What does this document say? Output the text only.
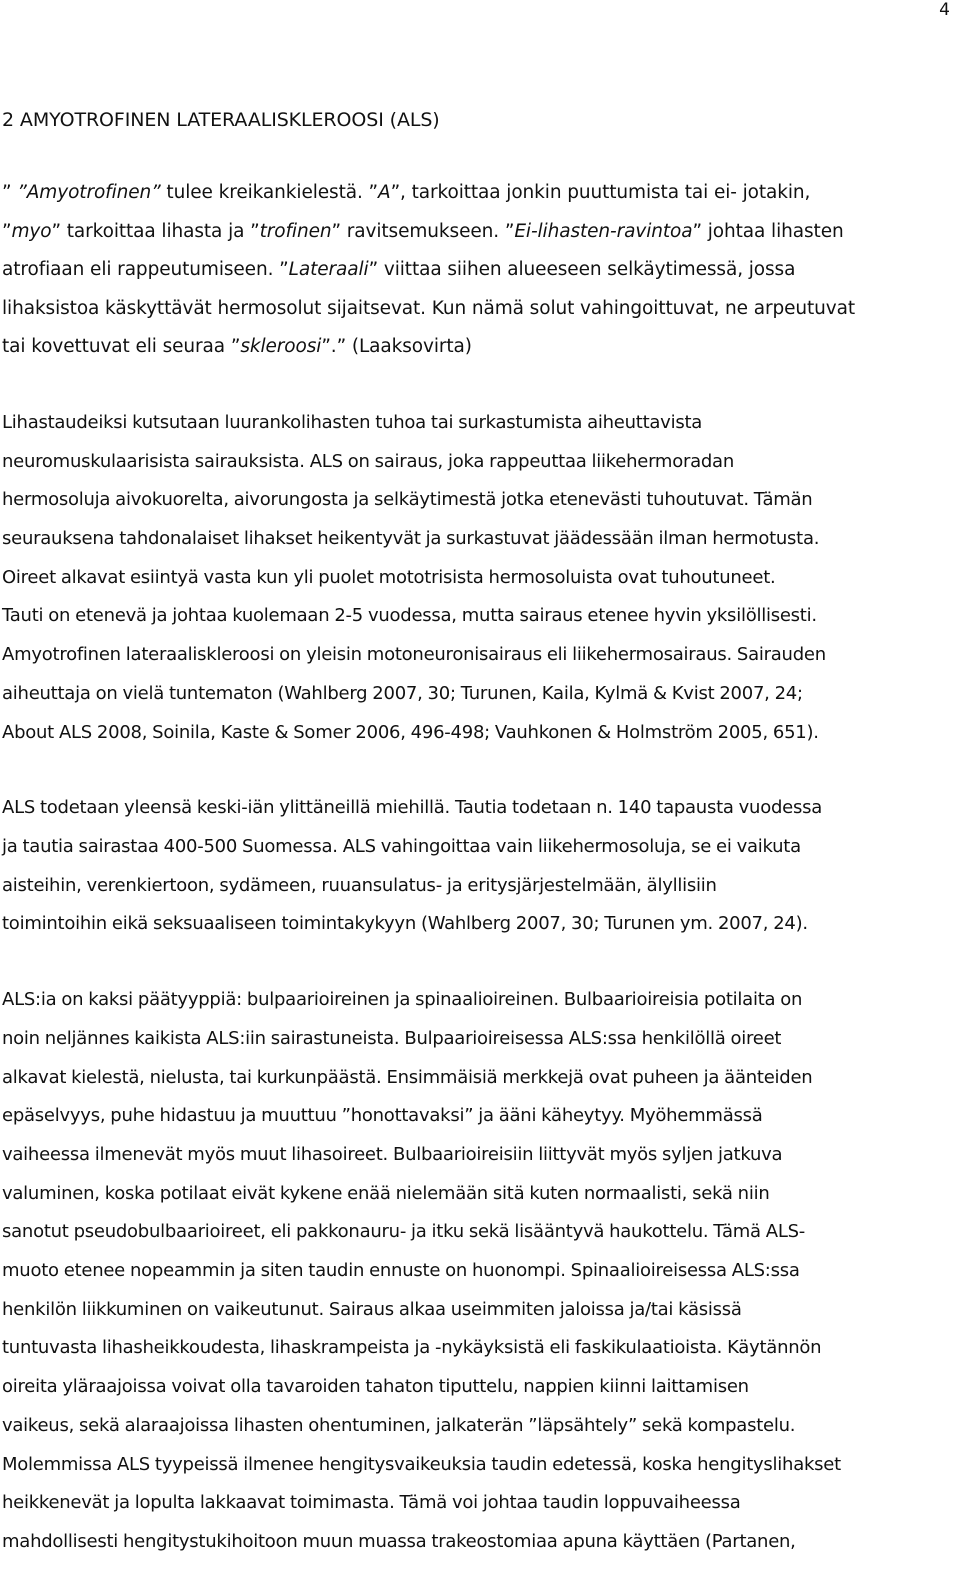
4
2 AMYOTROFINEN LATERAALISKLEROOSI (ALS)

” ”Amyotrofinen” tulee kreikankielestä. ”A”, tarkoittaa jonkin puuttumista tai ei- jotakin,
”myo” tarkoittaa lihasta ja ”trofinen” ravitsemukseen. ”Ei-lihasten-ravintoa” johtaa lihasten
atrofiaan eli rappeutumiseen. ”Lateraali” viittaa siihen alueeseen selkäytimessä, jossa
lihaksistoa käskyttävät hermosolut sijaitsevat. Kun nämä solut vahingoittuvat, ne arpeutuvat
tai kovettuvat eli seuraa ”skleroosi”.” (Laaksovirta)

Lihastaudeiksi kutsutaan luurankolihasten tuhoa tai surkastumista aiheuttavista
neuromuskulaarisista sairauksista. ALS on sairaus, joka rappeuttaa liikehermoradan
hermosoluja aivokuorelta, aivorungosta ja selkäytimestä jotka etenevästi tuhoutuvat. Tämän
seurauksena tahdonalaiset lihakset heikentyvät ja surkastuvat jäädessään ilman hermotusta.
Oireet alkavat esiintyä vasta kun yli puolet mototrisista hermosoluista ovat tuhoutuneet.
Tauti on etenevä ja johtaa kuolemaan 2-5 vuodessa, mutta sairaus etenee hyvin yksilöllisesti.
Amyotrofinen lateraaliskleroosi on yleisin motoneuronisairaus eli liikehermosairaus. Sairauden
aiheuttaja on vielä tuntematon (Wahlberg 2007, 30; Turunen, Kaila, Kylmä & Kvist 2007, 24;
About ALS 2008, Soinila, Kaste & Somer 2006, 496-498; Vauhkonen & Holmström 2005, 651).

ALS todetaan yleensä keski-iän ylittäneillä miehillä. Tautia todetaan n. 140 tapausta vuodessa
ja tautia sairastaa 400-500 Suomessa. ALS vahingoittaa vain liikehermosoluja, se ei vaikuta
aisteihin, verenkiertoon, sydämeen, ruuansulatus- ja eritysjärjestelmään, älyllisiin
toimintoihin eikä seksuaaliseen toimintakykyyn (Wahlberg 2007, 30; Turunen ym. 2007, 24).

ALS:ia on kaksi päätyyppiä: bulpaarioireinen ja spinaalioireinen. Bulbaarioireisia potilaita on
noin neljännes kaikista ALS:iin sairastuneista. Bulpaarioireisessa ALS:ssa henkilöllä oireet
alkavat kielestä, nielusta, tai kurkunpäästä. Ensimmäisiä merkkejä ovat puheen ja äänteiden
epäselvyys, puhe hidastuu ja muuttuu ”honottavaksi” ja ääni käheytyy. Myöhemmässä
vaiheessa ilmenevät myös muut lihasoireet. Bulbaarioireisiin liittyvät myös syljen jatkuva
valuminen, koska potilaat eivät kykene enää nielemään sitä kuten normaalisti, sekä niin
sanotut pseudobulbaarioireet, eli pakkonauru- ja itku sekä lisääntyvä haukottelu. Tämä ALS-
muoto etenee nopeammin ja siten taudin ennuste on huonompi. Spinaalioireisessa ALS:ssa
henkilön liikkuminen on vaikeutunut. Sairaus alkaa useimmiten jaloissa ja/tai käsissä
tuntuvasta lihasheikkoudesta, lihaskrampeista ja -nykäyksistä eli faskikulaatioista. Käytännön
oireita yläraajoissa voivat olla tavaroiden tahaton tiputtelu, nappien kiinni laittamisen
vaikeus, sekä alaraajoissa lihasten ohentuminen, jalkaterän ”läpsähtely” sekä kompastelu.
Molemmissa ALS tyypeissä ilmenee hengitysvaikeuksia taudin edetessä, koska hengityslihakset
heikkenevät ja lopulta lakkaavat toimimasta. Tämä voi johtaa taudin loppuvaiheessa
mahdollisesti hengitystukihoitoon muun muassa trakeostomiaa apuna käyttäen (Partanen,
